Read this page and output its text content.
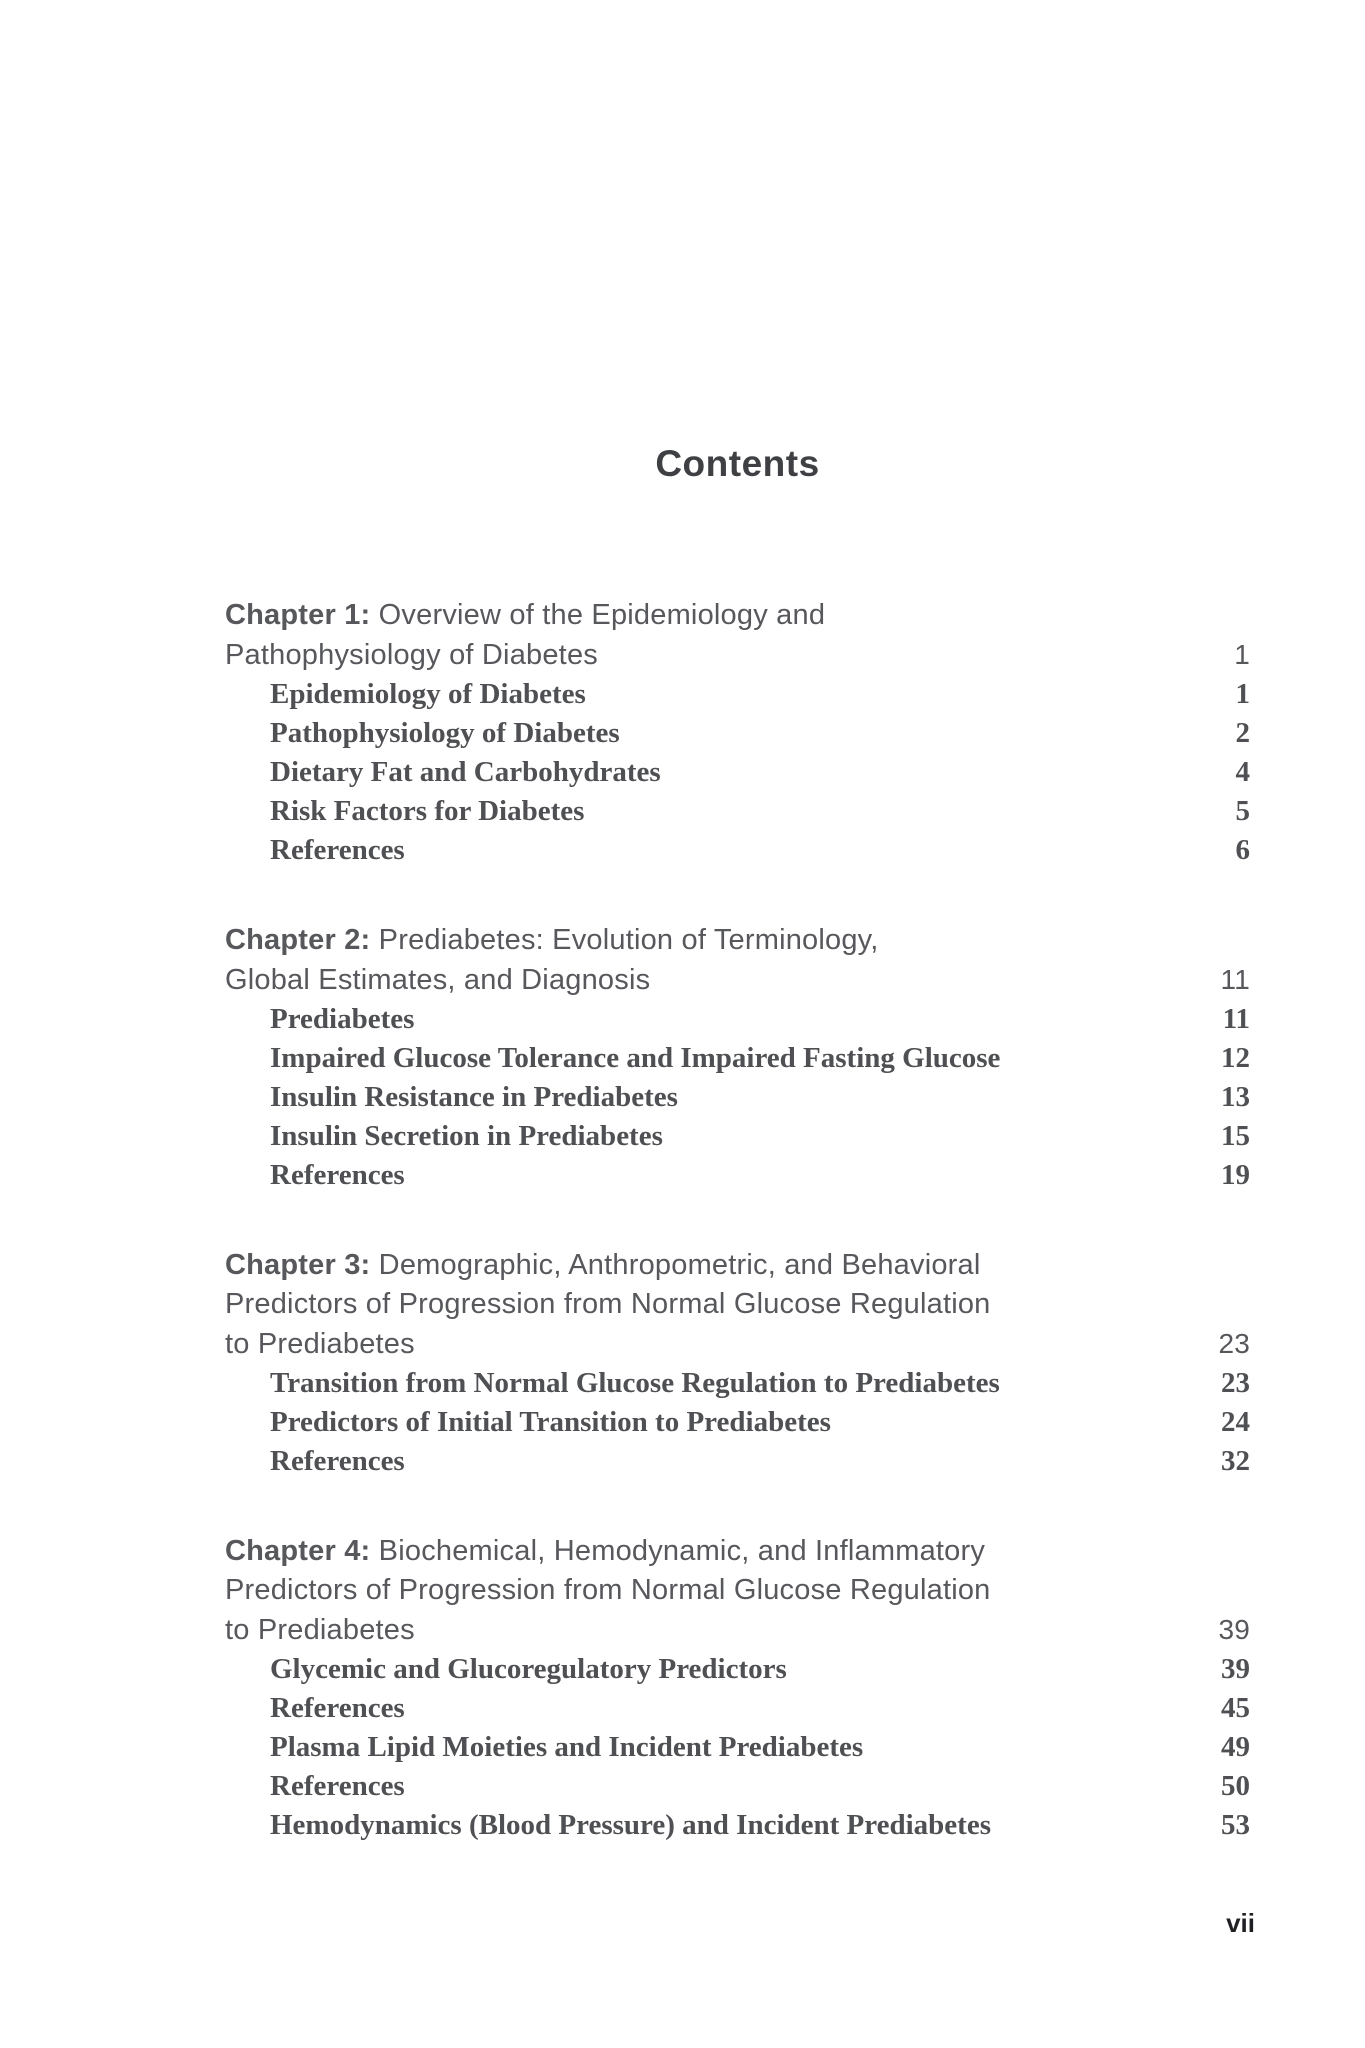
Contents
Chapter 1: Overview of the Epidemiology and
Pathophysiology of Diabetes	1
Epidemiology of Diabetes	1
Pathophysiology of Diabetes	2
Dietary Fat and Carbohydrates	4
Risk Factors for Diabetes	5
References	6
Chapter 2: Prediabetes: Evolution of Terminology,
Global Estimates, and Diagnosis	11
Prediabetes	11
Impaired Glucose Tolerance and Impaired Fasting Glucose	12
Insulin Resistance in Prediabetes	13
Insulin Secretion in Prediabetes	15
References	19
Chapter 3: Demographic, Anthropometric, and Behavioral
Predictors of Progression from Normal Glucose Regulation
to Prediabetes	23
Transition from Normal Glucose Regulation to Prediabetes	23
Predictors of Initial Transition to Prediabetes	24
References	32
Chapter 4: Biochemical, Hemodynamic, and Inflammatory
Predictors of Progression from Normal Glucose Regulation
to Prediabetes	39
Glycemic and Glucoregulatory Predictors	39
References	45
Plasma Lipid Moieties and Incident Prediabetes	49
References	50
Hemodynamics (Blood Pressure) and Incident Prediabetes	53
vii
